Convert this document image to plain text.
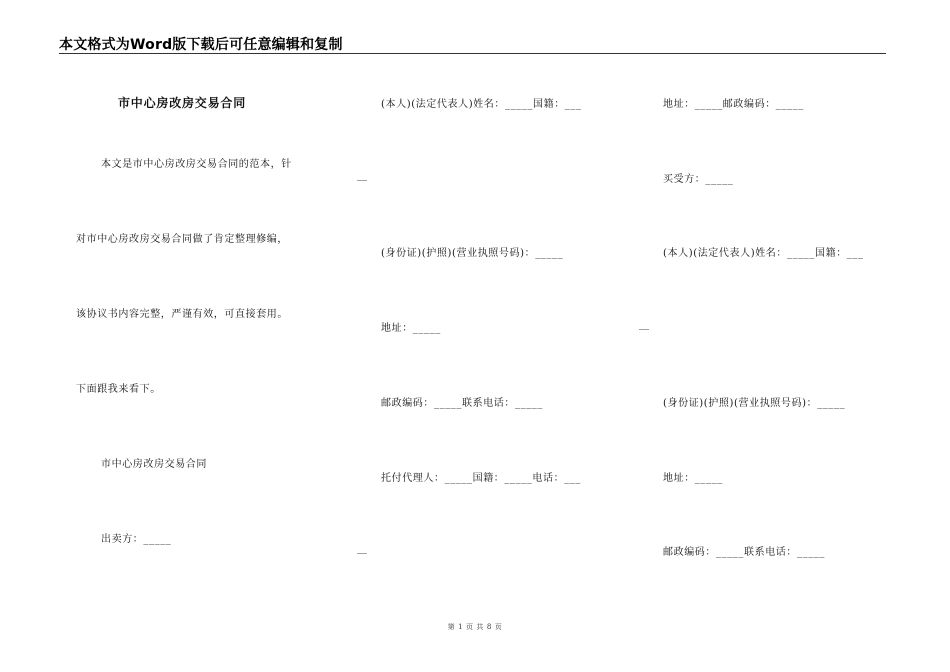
本文格式为Word版下载后可任意编辑和复制
市中心房改房交易合同
本文是市中心房改房交易合同的范本，针
对市中心房改房交易合同做了肯定整理修编，
该协议书内容完整，严谨有效，可直接套用。
下面跟我来看下。
市中心房改房交易合同
出卖方：_____
(本人)(法定代表人)姓名：_____国籍：___
__
(身份证)(护照)(营业执照号码)：_____
地址：_____
邮政编码：_____联系电话：_____
托付代理人：_____国籍：_____电话：___
__
地址：_____邮政编码：_____
买受方：_____
(本人)(法定代表人)姓名：_____国籍：___
__
(身份证)(护照)(营业执照号码)：_____
地址：_____
邮政编码：_____联系电话：_____
第 1 页 共 8 页
